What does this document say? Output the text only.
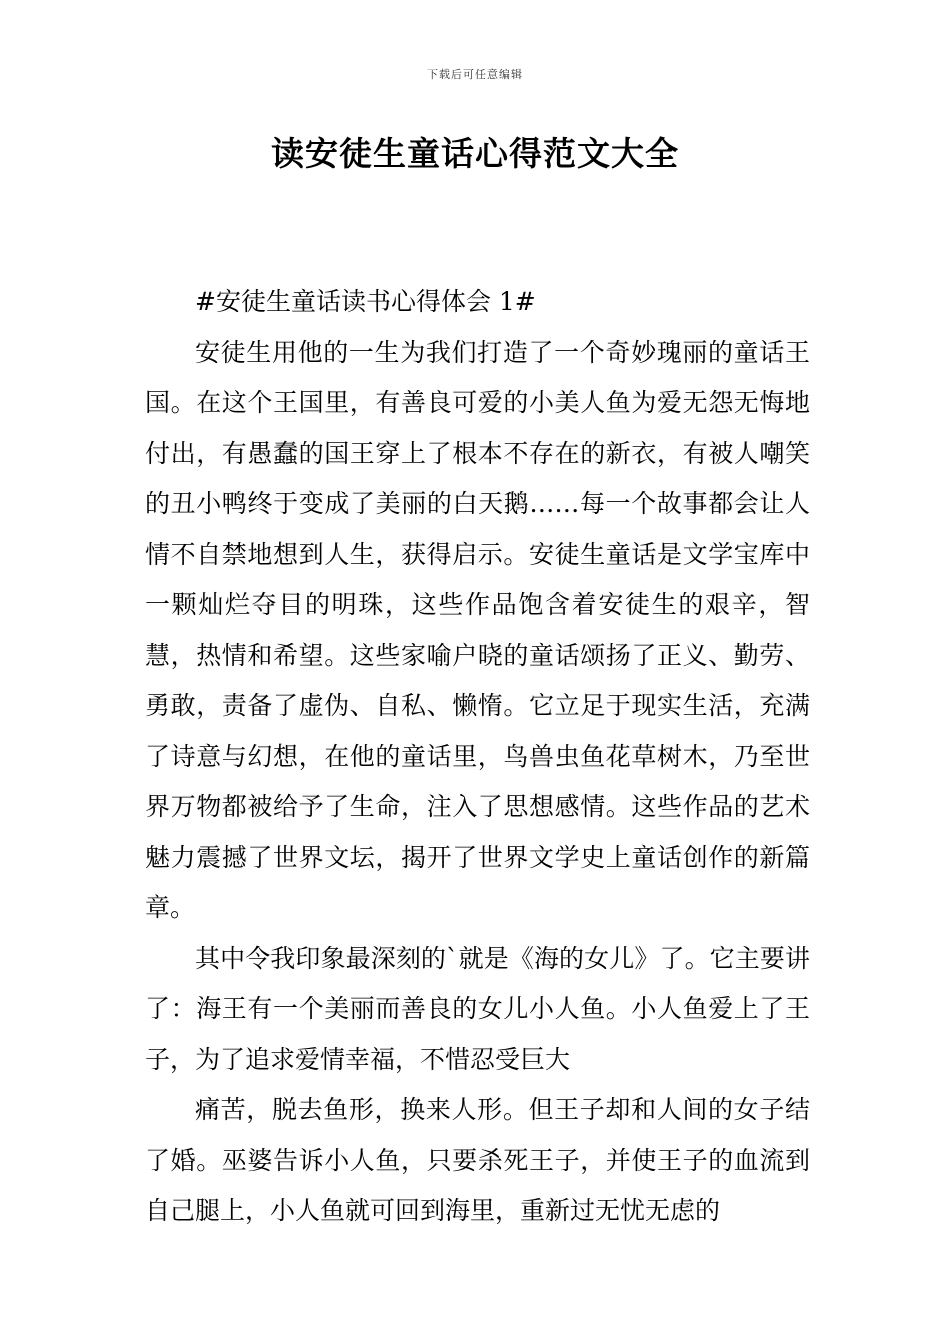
下载后可任意编辑
读安徒生童话心得范文大全

#安徒生童话读书心得体会 1#

安徒生用他的一生为我们打造了一个奇妙瑰丽的童话王国。在这个王国里，有善良可爱的小美人鱼为爱无怨无悔地付出，有愚蠢的国王穿上了根本不存在的新衣，有被人嘲笑的丑小鸭终于变成了美丽的白天鹅……每一个故事都会让人情不自禁地想到人生，获得启示。安徒生童话是文学宝库中一颗灿烂夺目的明珠，这些作品饱含着安徒生的艰辛，智慧，热情和希望。这些家喻户晓的童话颂扬了正义、勤劳、勇敢，责备了虚伪、自私、懒惰。它立足于现实生活，充满了诗意与幻想，在他的童话里，鸟兽虫鱼花草树木，乃至世界万物都被给予了生命，注入了思想感情。这些作品的艺术魅力震撼了世界文坛，揭开了世界文学史上童话创作的新篇章。

其中令我印象最深刻的`就是《海的女儿》了。它主要讲了：海王有一个美丽而善良的女儿小人鱼。小人鱼爱上了王子，为了追求爱情幸福，不惜忍受巨大

痛苦，脱去鱼形，换来人形。但王子却和人间的女子结了婚。巫婆告诉小人鱼，只要杀死王子，并使王子的血流到自己腿上，小人鱼就可回到海里，重新过无忧无虑的
